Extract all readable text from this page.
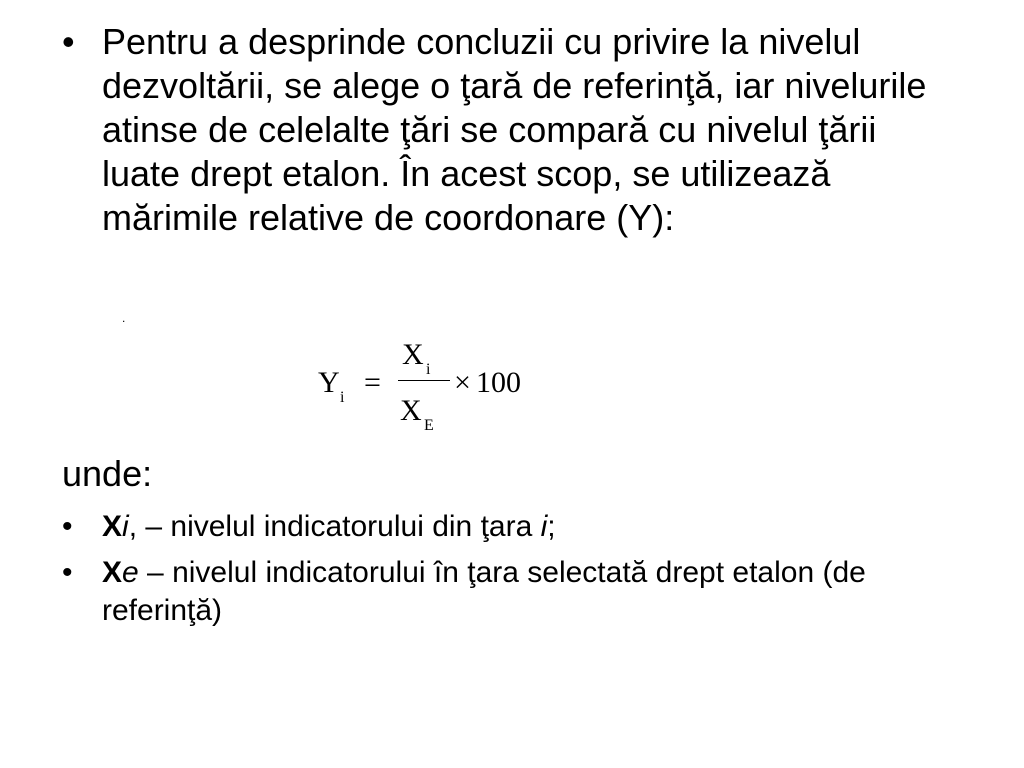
• Pentru a desprinde concluzii cu privire la nivelul dezvoltării, se alege o ţară de referinţă, iar nivelurile atinse de celelalte ţări se compară cu nivelul ţării luate drept etalon. În acest scop, se utilizează mărimile relative de coordonare (Y):
.
Y i =
X i
X E
× 100
unde:
• Xi, – nivelul indicatorului din ţara i;
• Xe – nivelul indicatorului în ţara selectată drept etalon (de referinţă)
